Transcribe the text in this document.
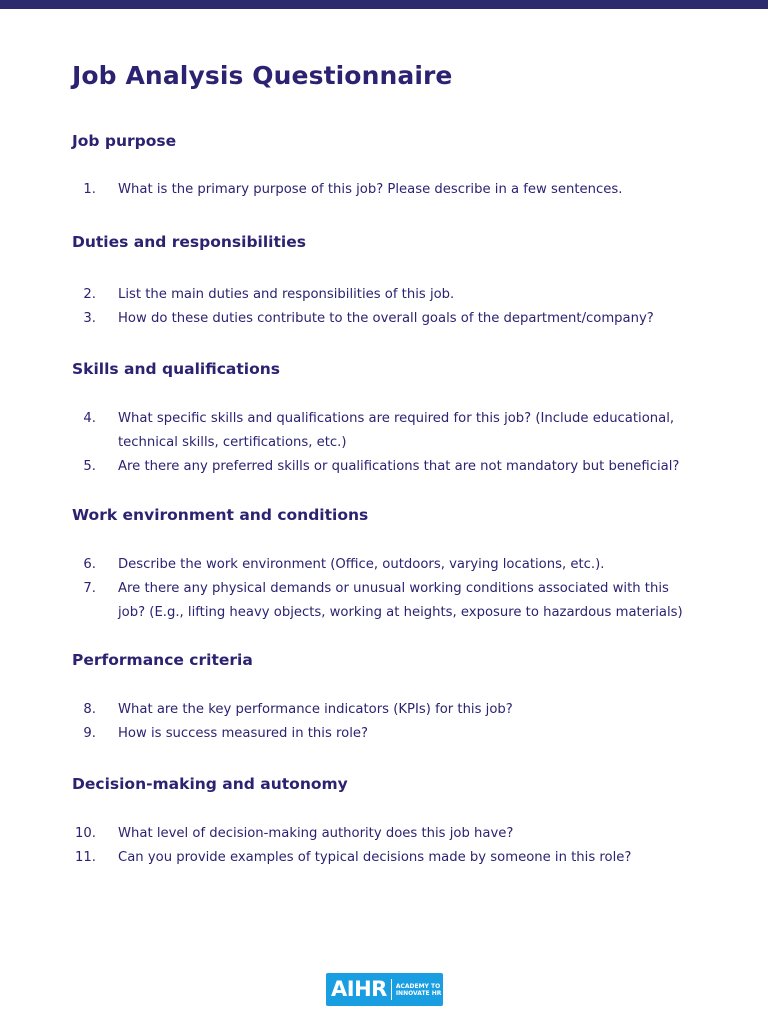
Job Analysis Questionnaire
Job purpose
1. What is the primary purpose of this job? Please describe in a few sentences.
Duties and responsibilities
2. List the main duties and responsibilities of this job.
3. How do these duties contribute to the overall goals of the department/company?
Skills and qualifications
4. What specific skills and qualifications are required for this job? (Include educational, technical skills, certifications, etc.)
5. Are there any preferred skills or qualifications that are not mandatory but beneficial?
Work environment and conditions
6. Describe the work environment (Office, outdoors, varying locations, etc.).
7. Are there any physical demands or unusual working conditions associated with this job? (E.g., lifting heavy objects, working at heights, exposure to hazardous materials)
Performance criteria
8. What are the key performance indicators (KPIs) for this job?
9. How is success measured in this role?
Decision-making and autonomy
10. What level of decision-making authority does this job have?
11. Can you provide examples of typical decisions made by someone in this role?
AIHR ACADEMY TO
INNOVATE HR
